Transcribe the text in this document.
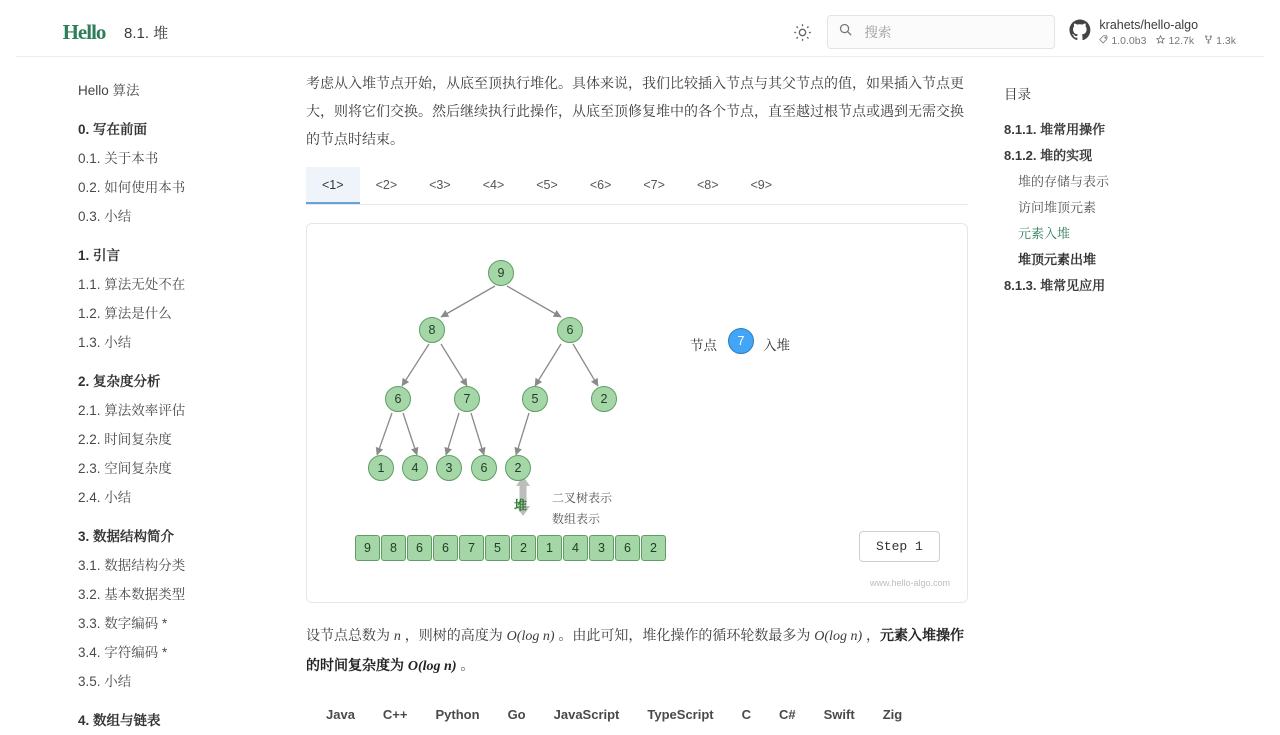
Hello 8.1. 堆
搜索	krahets/hello-algo
1.0.0b3 12.7k 1.3k
Hello 算法
0. 写在前面
0.1. 关于本书
0.2. 如何使用本书
0.3. 小结
1. 引言
1.1. 算法无处不在
1.2. 算法是什么
1.3. 小结
2. 复杂度分析
2.1. 算法效率评估
2.2. 时间复杂度
2.3. 空间复杂度
2.4. 小结
3. 数据结构简介
3.1. 数据结构分类
3.2. 基本数据类型
3.3. 数字编码 *
3.4. 字符编码 *
3.5. 小结
4. 数组与链表

考虑从入堆节点开始，从底至顶执行堆化。具体来说，我们比较插入节点与其父节点的值，如果插入节点更大，则将它们交换。然后继续执行此操作，从底至顶修复堆中的各个节点，直至越过根节点或遇到无需交换的节点时结束。

<1>	<2>	<3>	<4>	<5>	<6>	<7>	<8>	<9>
9
8	6
6	7	5	2
1	4	3	6	2
节点	7	入堆
堆 二叉树表示
数组表示
9	8	6	6	7	5	2	1	4	3	6	2	Step 1
www.hello-algo.com

设节点总数为 n ，则树的高度为 O(log n) 。由此可知，堆化操作的循环轮数最多为 O(log n) ，元素入堆操作的时间复杂度为 O(log n) 。

Java	C++	Python	Go	JavaScript	TypeScript	C	C#	Swift	Zig
目录
8.1.1. 堆常用操作
8.1.2. 堆的实现
堆的存储与表示
访问堆顶元素
元素入堆
堆顶元素出堆
8.1.3. 堆常见应用
